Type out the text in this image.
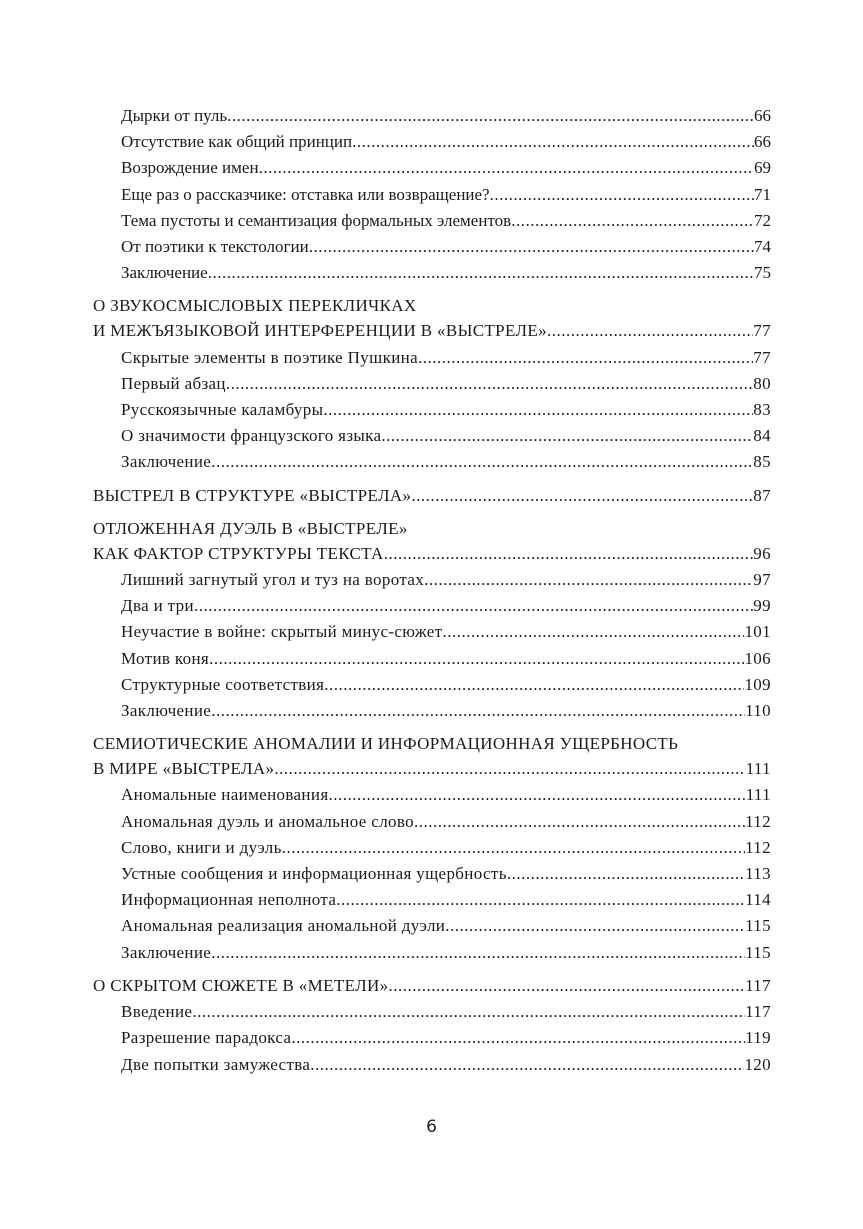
Дырки от пуль .....	66
Отсутствие как общий принцип .....	66
Возрождение имен .....	69
Еще раз о рассказчике: отставка или возвращение? .....	71
Тема пустоты и семантизация формальных элементов .....	72
От поэтики к текстологии .....	74
Заключение .....	75
О ЗВУКОСМЫСЛОВЫХ ПЕРЕКЛИЧКАХ
И МЕЖЪЯЗЫКОВОЙ ИНТЕРФЕРЕНЦИИ В «ВЫСТРЕЛЕ» .....	77
Скрытые элементы в поэтике Пушкина .....	77
Первый абзац .....	80
Русскоязычные каламбуры .....	83
О значимости французского языка .....	84
Заключение .....	85
ВЫСТРЕЛ В СТРУКТУРЕ «ВЫСТРЕЛА» .....	87
ОТЛОЖЕННАЯ ДУЭЛЬ В «ВЫСТРЕЛЕ»
КАК ФАКТОР СТРУКТУРЫ ТЕКСТА .....	96
Лишний загнутый угол и туз на воротах .....	97
Два и три .....	99
Неучастие в войне: скрытый минус-сюжет .....	101
Мотив коня .....	106
Структурные соответствия .....	109
Заключение .....	110
СЕМИОТИЧЕСКИЕ АНОМАЛИИ И ИНФОРМАЦИОННАЯ УЩЕРБНОСТЬ
В МИРЕ «ВЫСТРЕЛА» .....	111
Аномальные наименования .....	111
Аномальная дуэль и аномальное слово .....	112
Слово, книги и дуэль .....	112
Устные сообщения и информационная ущербность .....	113
Информационная неполнота .....	114
Аномальная реализация аномальной дуэли .....	115
Заключение .....	115
О СКРЫТОМ СЮЖЕТЕ В «МЕТЕЛИ» .....	117
Введение .....	117
Разрешение парадокса .....	119
Две попытки замужества .....	120
6
